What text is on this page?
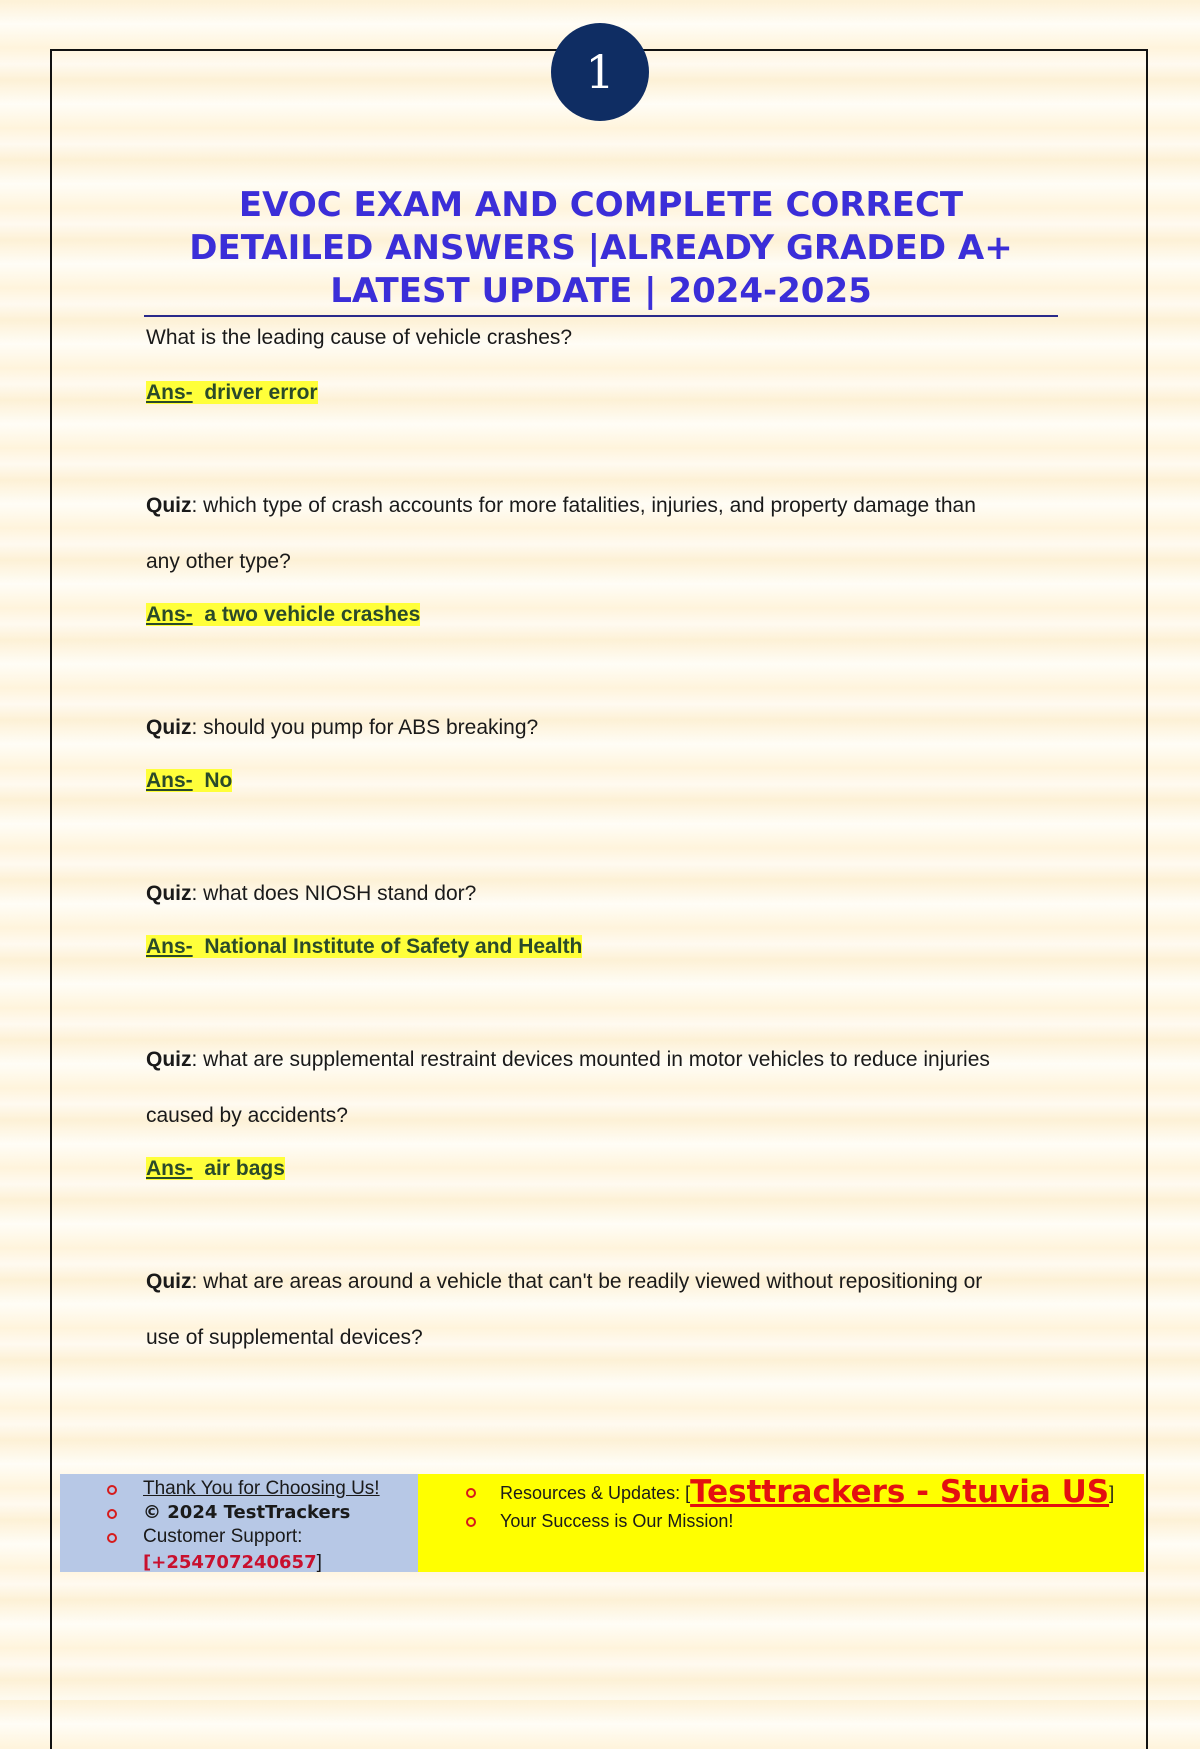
1
EVOC EXAM AND COMPLETE CORRECT
DETAILED ANSWERS |ALREADY GRADED A+
LATEST UPDATE | 2024-2025

What is the leading cause of vehicle crashes?

Ans- driver error

Quiz: which type of crash accounts for more fatalities, injuries, and property damage than

any other type?

Ans- a two vehicle crashes

Quiz: should you pump for ABS breaking?

Ans- No

Quiz: what does NIOSH stand dor?

Ans- National Institute of Safety and Health

Quiz: what are supplemental restraint devices mounted in motor vehicles to reduce injuries

caused by accidents?

Ans- air bags

Quiz: what are areas around a vehicle that can't be readily viewed without repositioning or

use of supplemental devices?

Thank You for Choosing Us!
© 2024 TestTrackers
Customer Support:
[+254707240657]
Resources & Updates: [Testtrackers - Stuvia US]
Your Success is Our Mission!
